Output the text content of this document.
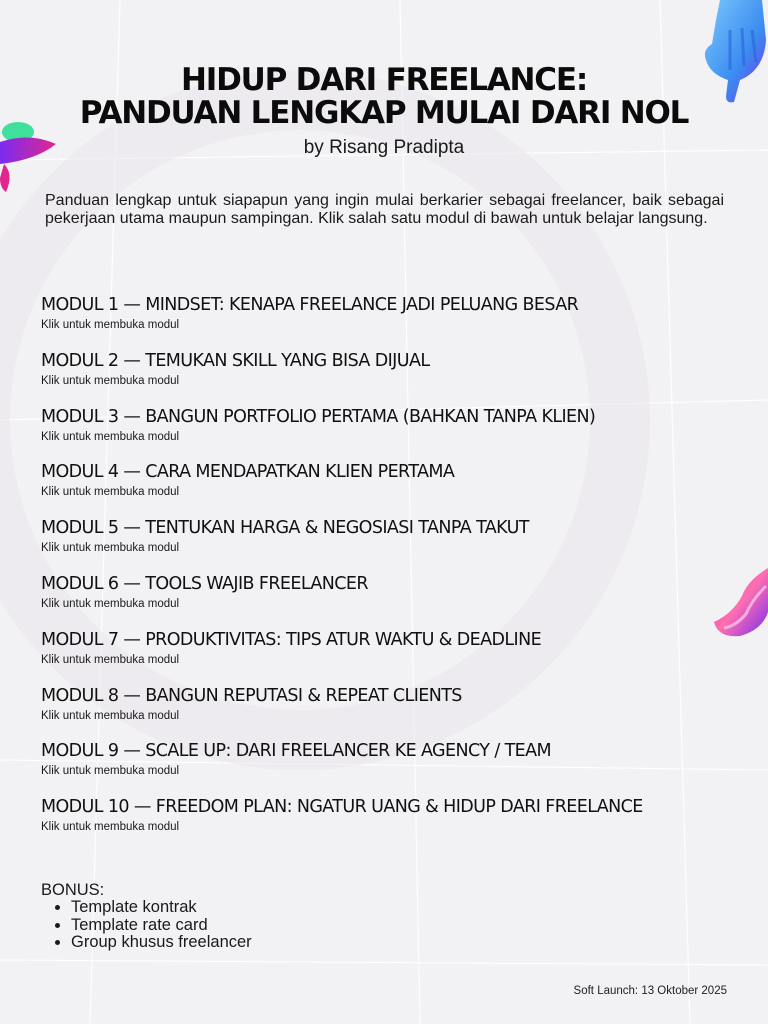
HIDUP DARI FREELANCE:
PANDUAN LENGKAP MULAI DARI NOL
by Risang Pradipta
Panduan lengkap untuk siapapun yang ingin mulai berkarier sebagai freelancer, baik sebagai pekerjaan utama maupun sampingan. Klik salah satu modul di bawah untuk belajar langsung.
MODUL 1 — MINDSET: KENAPA FREELANCE JADI PELUANG BESAR
Klik untuk membuka modul
MODUL 2 — TEMUKAN SKILL YANG BISA DIJUAL
Klik untuk membuka modul
MODUL 3 — BANGUN PORTFOLIO PERTAMA (BAHKAN TANPA KLIEN)
Klik untuk membuka modul
MODUL 4 — CARA MENDAPATKAN KLIEN PERTAMA
Klik untuk membuka modul
MODUL 5 — TENTUKAN HARGA & NEGOSIASI TANPA TAKUT
Klik untuk membuka modul
MODUL 6 — TOOLS WAJIB FREELANCER
Klik untuk membuka modul
MODUL 7 — PRODUKTIVITAS: TIPS ATUR WAKTU & DEADLINE
Klik untuk membuka modul
MODUL 8 — BANGUN REPUTASI & REPEAT CLIENTS
Klik untuk membuka modul
MODUL 9 — SCALE UP: DARI FREELANCER KE AGENCY / TEAM
Klik untuk membuka modul
MODUL 10 — FREEDOM PLAN: NGATUR UANG & HIDUP DARI FREELANCE
Klik untuk membuka modul
BONUS:
• Template kontrak
• Template rate card
• Group khusus freelancer
Soft Launch: 13 Oktober 2025
